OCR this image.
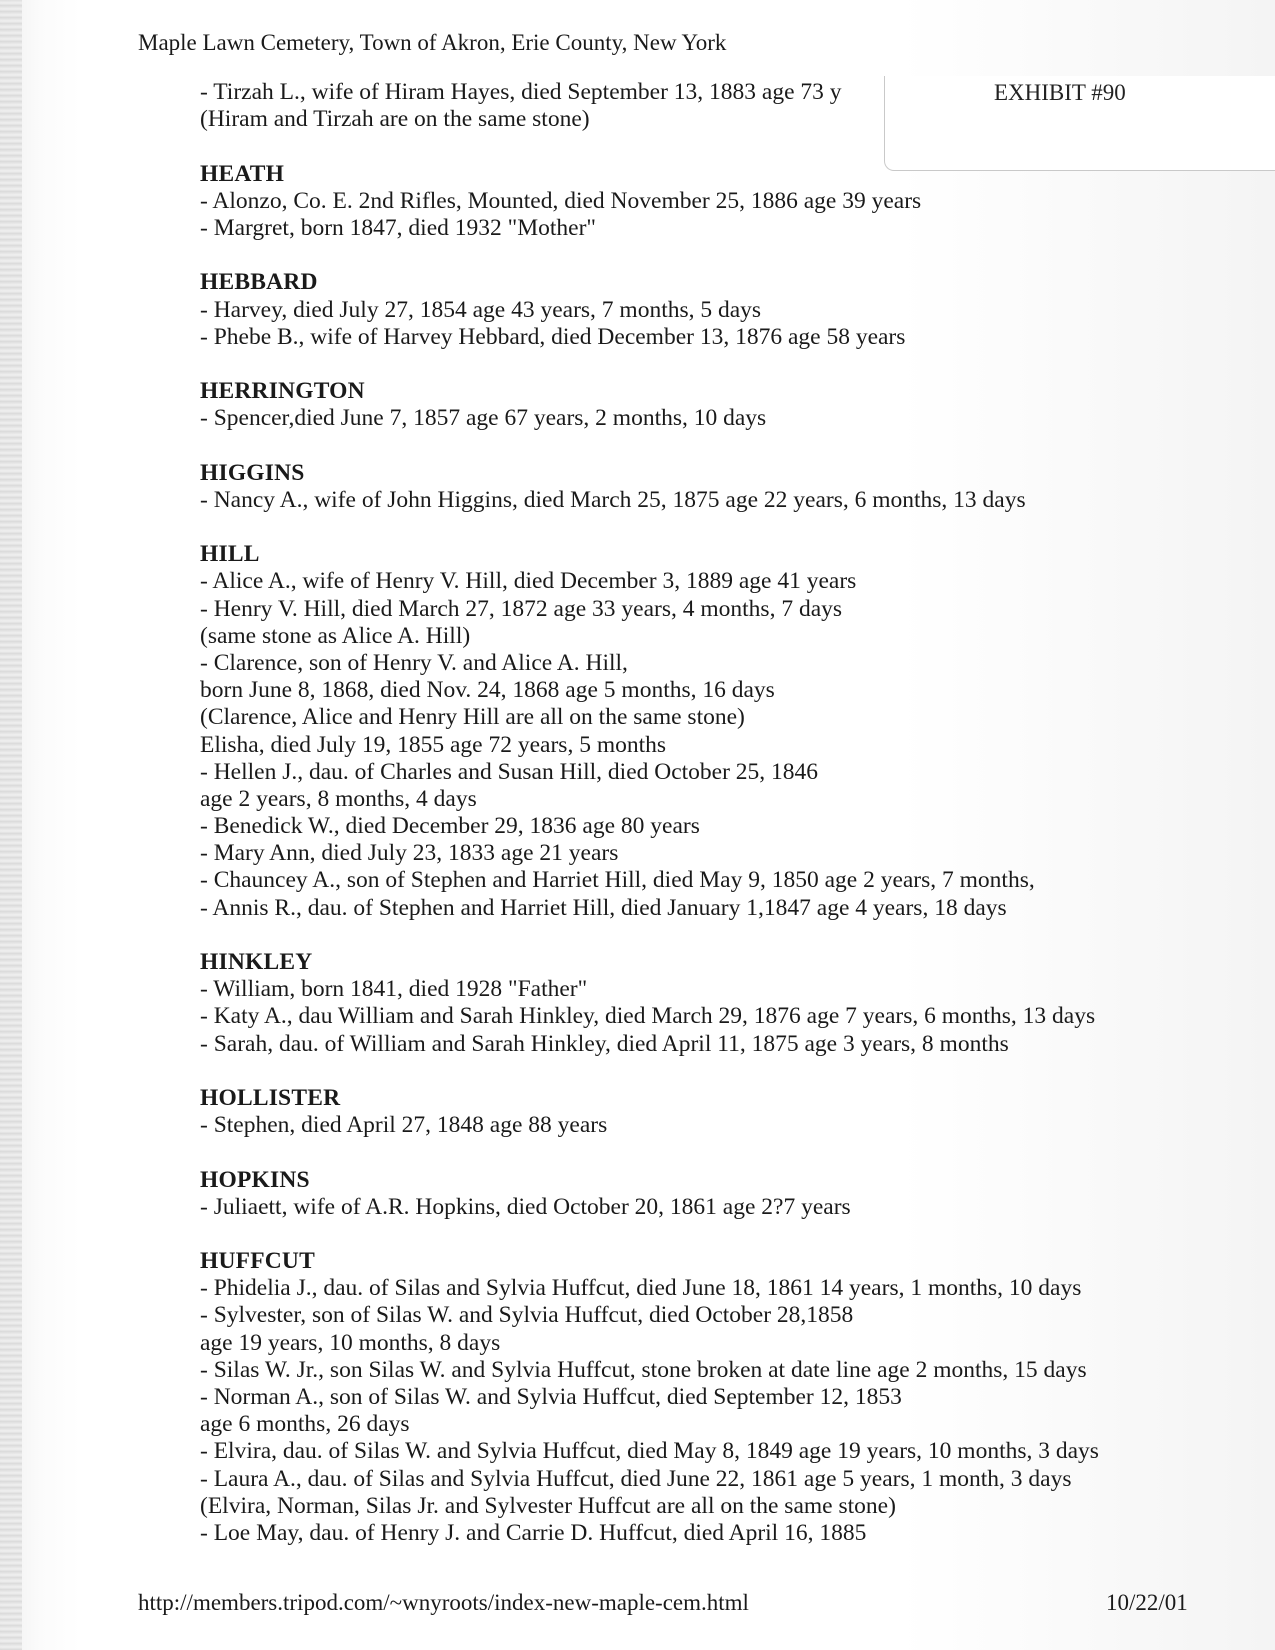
Maple Lawn Cemetery, Town of Akron, Erie County, New York
EXHIBIT #90
- Tirzah L., wife of Hiram Hayes, died September 13, 1883 age 73 y
(Hiram and Tirzah are on the same stone)
HEATH
- Alonzo, Co. E. 2nd Rifles, Mounted, died November 25, 1886 age 39 years
- Margret, born 1847, died 1932 "Mother"
HEBBARD
- Harvey, died July 27, 1854 age 43 years, 7 months, 5 days
- Phebe B., wife of Harvey Hebbard, died December 13, 1876 age 58 years
HERRINGTON
- Spencer,died June 7, 1857 age 67 years, 2 months, 10 days
HIGGINS
- Nancy A., wife of John Higgins, died March 25, 1875 age 22 years, 6 months, 13 days
HILL
- Alice A., wife of Henry V. Hill, died December 3, 1889 age 41 years
- Henry V. Hill, died March 27, 1872 age 33 years, 4 months, 7 days
(same stone as Alice A. Hill)
- Clarence, son of Henry V. and Alice A. Hill,
born June 8, 1868, died Nov. 24, 1868 age 5 months, 16 days
(Clarence, Alice and Henry Hill are all on the same stone)
Elisha, died July 19, 1855 age 72 years, 5 months
- Hellen J., dau. of Charles and Susan Hill, died October 25, 1846
age 2 years, 8 months, 4 days
- Benedick W., died December 29, 1836 age 80 years
- Mary Ann, died July 23, 1833 age 21 years
- Chauncey A., son of Stephen and Harriet Hill, died May 9, 1850 age 2 years, 7 months,
- Annis R., dau. of Stephen and Harriet Hill, died January 1,1847 age 4 years, 18 days
HINKLEY
- William, born 1841, died 1928 "Father"
- Katy A., dau William and Sarah Hinkley, died March 29, 1876 age 7 years, 6 months, 13 days
- Sarah, dau. of William and Sarah Hinkley, died April 11, 1875 age 3 years, 8 months
HOLLISTER
- Stephen, died April 27, 1848 age 88 years
HOPKINS
- Juliaett, wife of A.R. Hopkins, died October 20, 1861 age 2?7 years
HUFFCUT
- Phidelia J., dau. of Silas and Sylvia Huffcut, died June 18, 1861 14 years, 1 months, 10 days
- Sylvester, son of Silas W. and Sylvia Huffcut, died October 28,1858
age 19 years, 10 months, 8 days
- Silas W. Jr., son Silas W. and Sylvia Huffcut, stone broken at date line age 2 months, 15 days
- Norman A., son of Silas W. and Sylvia Huffcut, died September 12, 1853
age 6 months, 26 days
- Elvira, dau. of Silas W. and Sylvia Huffcut, died May 8, 1849 age 19 years, 10 months, 3 days
- Laura A., dau. of Silas and Sylvia Huffcut, died June 22, 1861 age 5 years, 1 month, 3 days
(Elvira, Norman, Silas Jr. and Sylvester Huffcut are all on the same stone)
- Loe May, dau. of Henry J. and Carrie D. Huffcut, died April 16, 1885
http://members.tripod.com/~wnyroots/index-new-maple-cem.html	10/22/01
